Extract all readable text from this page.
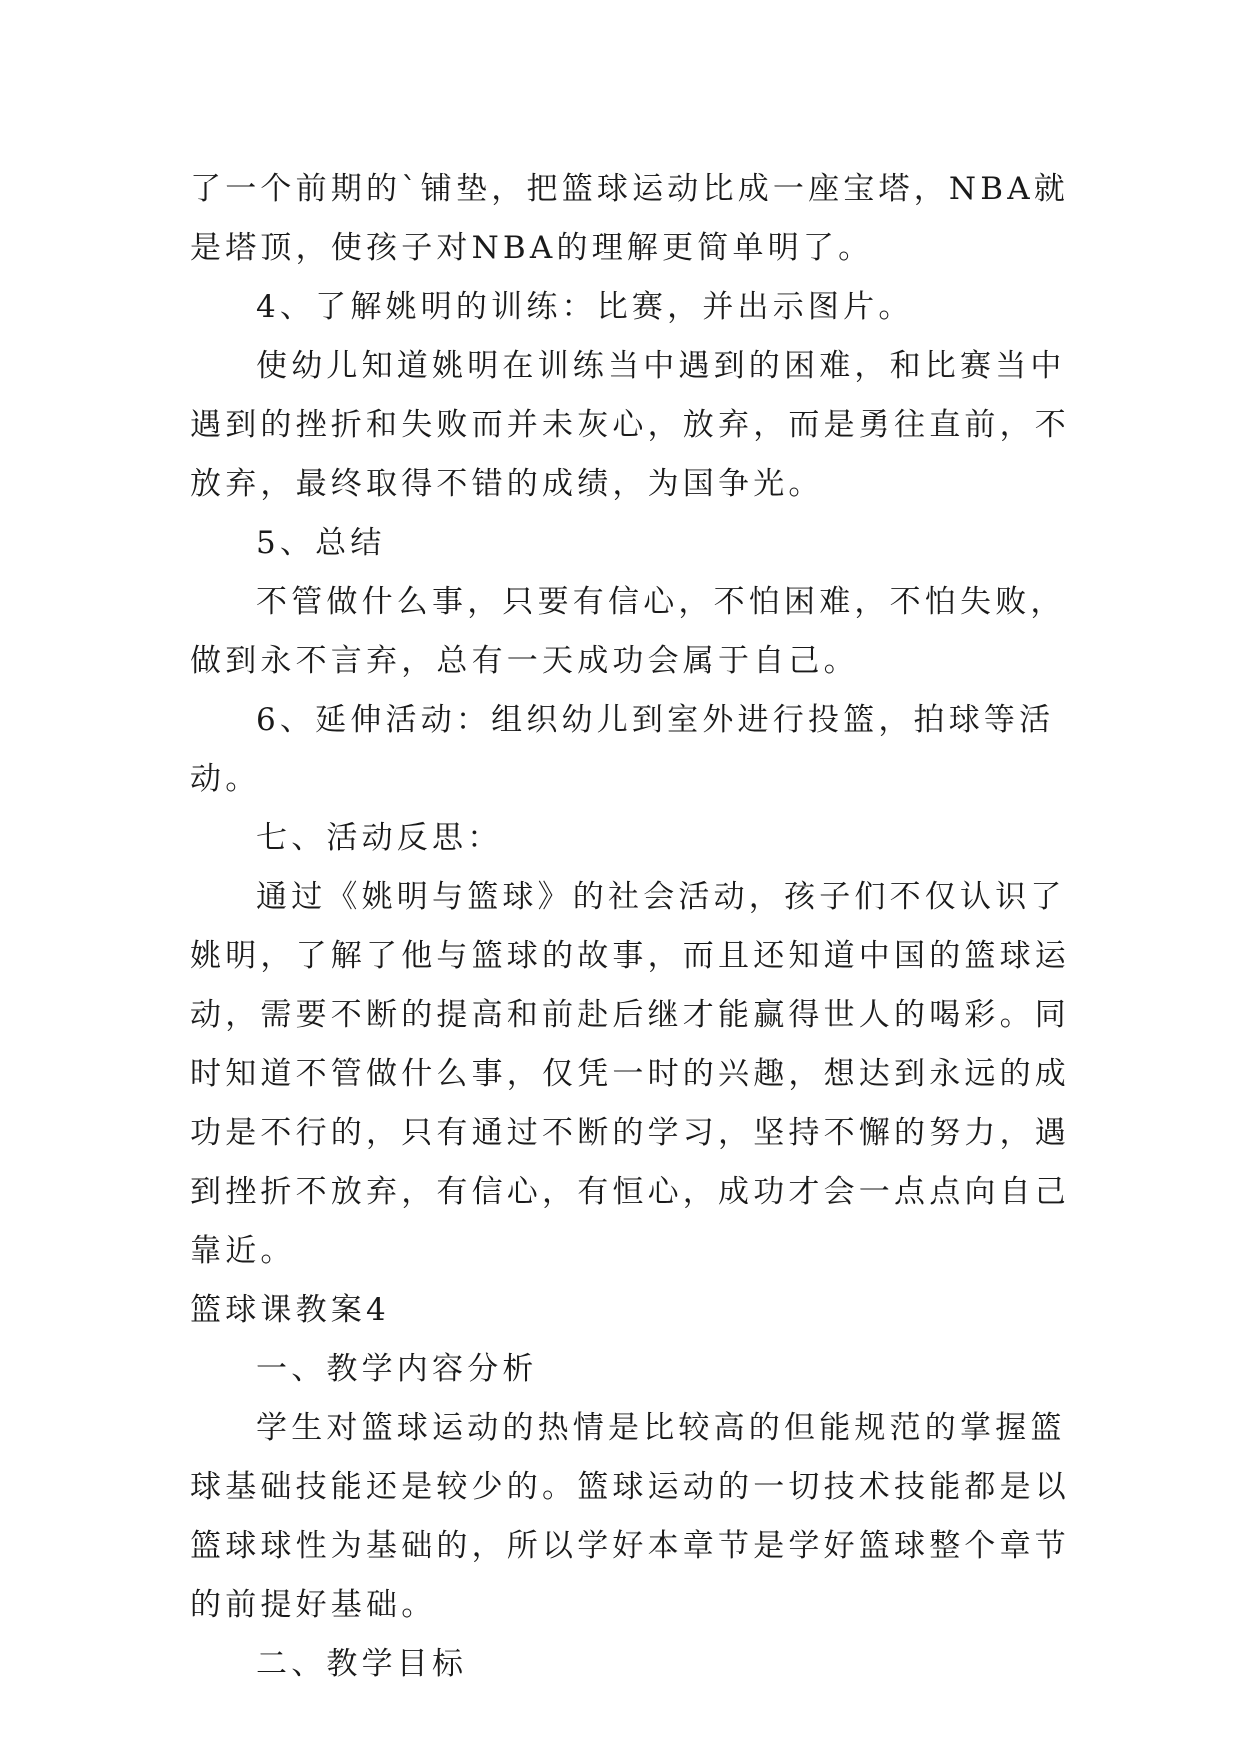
了一个前期的`铺垫，把篮球运动比成一座宝塔，NBA就是塔顶，使孩子对NBA的理解更简单明了。

4、了解姚明的训练：比赛，并出示图片。

使幼儿知道姚明在训练当中遇到的困难，和比赛当中遇到的挫折和失败而并未灰心，放弃，而是勇往直前，不放弃，最终取得不错的成绩，为国争光。

5、总结

不管做什么事，只要有信心，不怕困难，不怕失败，做到永不言弃，总有一天成功会属于自己。

6、延伸活动：组织幼儿到室外进行投篮，拍球等活动。

七、活动反思：

通过《姚明与篮球》的社会活动，孩子们不仅认识了姚明，了解了他与篮球的故事，而且还知道中国的篮球运动，需要不断的提高和前赴后继才能赢得世人的喝彩。同时知道不管做什么事，仅凭一时的兴趣，想达到永远的成功是不行的，只有通过不断的学习，坚持不懈的努力，遇到挫折不放弃，有信心，有恒心，成功才会一点点向自己靠近。

篮球课教案4

一、教学内容分析

学生对篮球运动的热情是比较高的但能规范的掌握篮球基础技能还是较少的。篮球运动的一切技术技能都是以篮球球性为基础的，所以学好本章节是学好篮球整个章节的前提好基础。

二、教学目标
